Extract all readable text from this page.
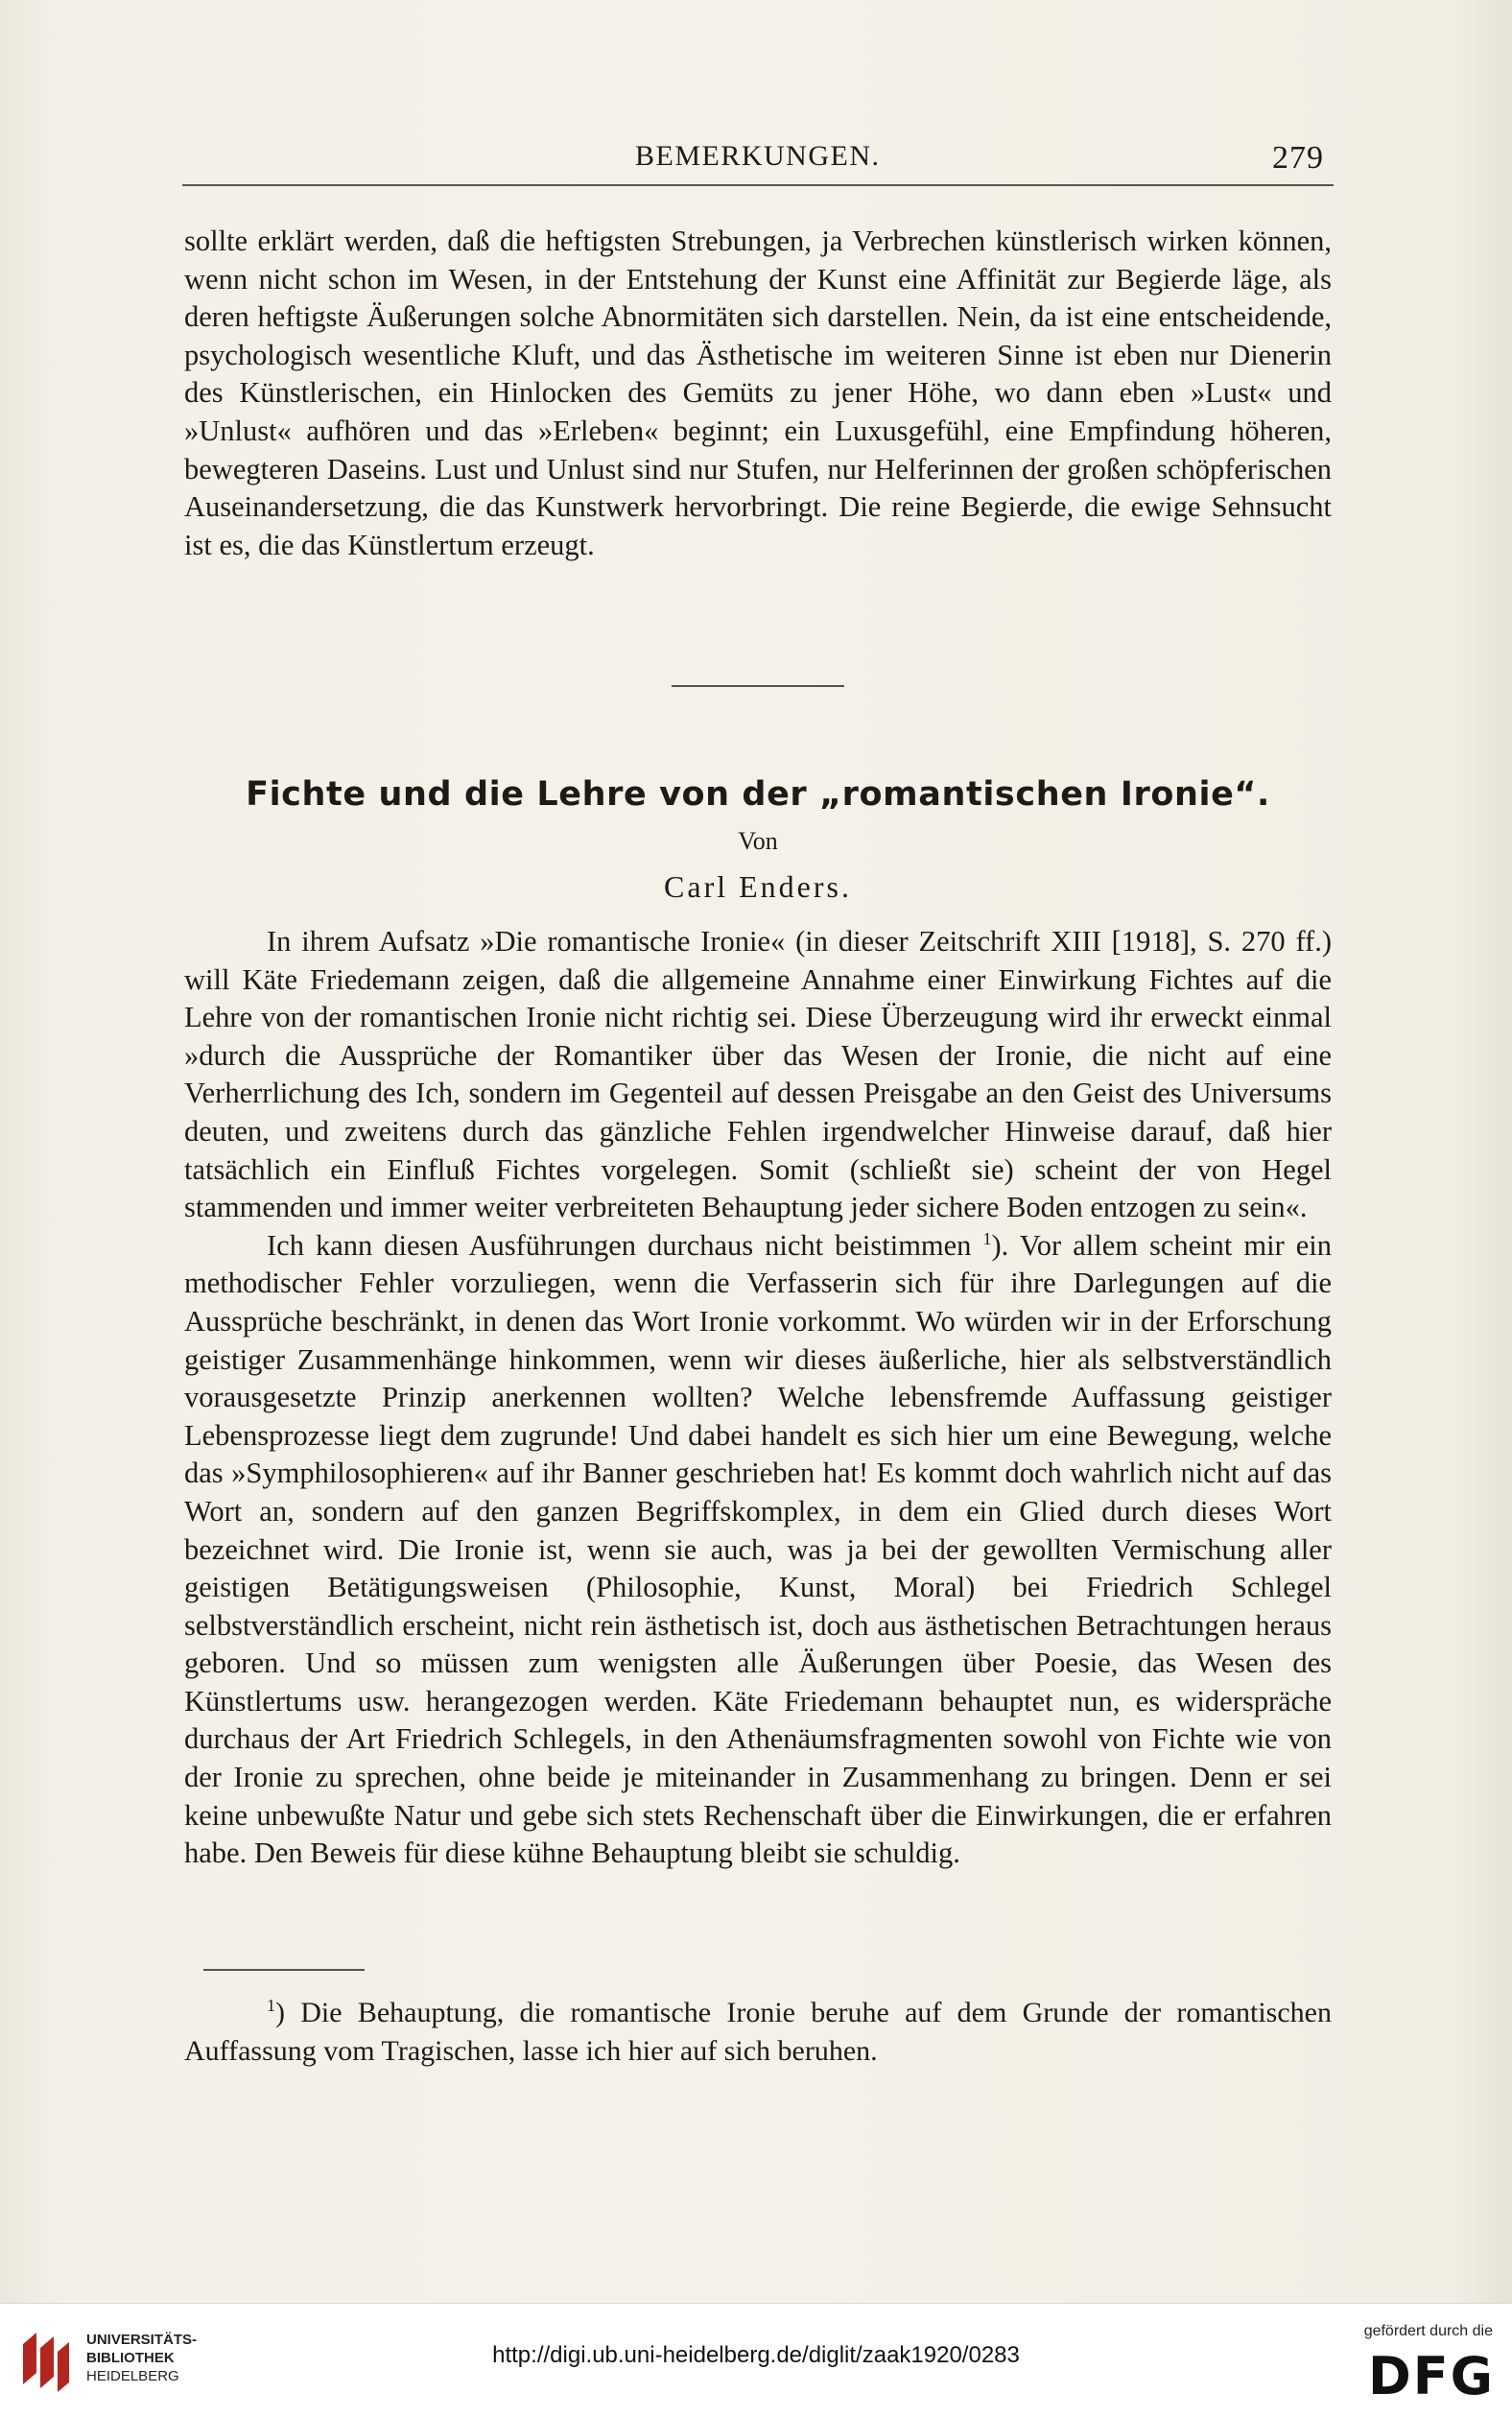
BEMERKUNGEN.	279

sollte erklärt werden, daß die heftigsten Strebungen, ja Verbrechen künstlerisch wirken können, wenn nicht schon im Wesen, in der Entstehung der Kunst eine Affinität zur Begierde läge, als deren heftigste Äußerungen solche Abnormitäten sich darstellen. Nein, da ist eine entscheidende, psychologisch wesentliche Kluft, und das Ästhetische im weiteren Sinne ist eben nur Dienerin des Künstlerischen, ein Hinlocken des Gemüts zu jener Höhe, wo dann eben »Lust« und »Unlust« aufhören und das »Erleben« beginnt; ein Luxusgefühl, eine Empfindung höheren, bewegteren Daseins. Lust und Unlust sind nur Stufen, nur Helferinnen der großen schöpferischen Auseinandersetzung, die das Kunstwerk hervorbringt. Die reine Begierde, die ewige Sehnsucht ist es, die das Künstlertum erzeugt.

Fichte und die Lehre von der „romantischen Ironie“.
Von
Carl Enders.

In ihrem Aufsatz »Die romantische Ironie« (in dieser Zeitschrift XIII [1918], S. 270 ff.) will Käte Friedemann zeigen, daß die allgemeine Annahme einer Einwirkung Fichtes auf die Lehre von der romantischen Ironie nicht richtig sei. Diese Überzeugung wird ihr erweckt einmal »durch die Aussprüche der Romantiker über das Wesen der Ironie, die nicht auf eine Verherrlichung des Ich, sondern im Gegenteil auf dessen Preisgabe an den Geist des Universums deuten, und zweitens durch das gänzliche Fehlen irgendwelcher Hinweise darauf, daß hier tatsächlich ein Einfluß Fichtes vorgelegen. Somit (schließt sie) scheint der von Hegel stammenden und immer weiter verbreiteten Behauptung jeder sichere Boden entzogen zu sein«.

Ich kann diesen Ausführungen durchaus nicht beistimmen $^1$). Vor allem scheint mir ein methodischer Fehler vorzuliegen, wenn die Verfasserin sich für ihre Darlegungen auf die Aussprüche beschränkt, in denen das Wort Ironie vorkommt. Wo würden wir in der Erforschung geistiger Zusammenhänge hinkommen, wenn wir dieses äußerliche, hier als selbstverständlich vorausgesetzte Prinzip anerkennen wollten? Welche lebensfremde Auffassung geistiger Lebensprozesse liegt dem zugrunde! Und dabei handelt es sich hier um eine Bewegung, welche das »Symphilosophieren« auf ihr Banner geschrieben hat! Es kommt doch wahrlich nicht auf das Wort an, sondern auf den ganzen Begriffskomplex, in dem ein Glied durch dieses Wort bezeichnet wird. Die Ironie ist, wenn sie auch, was ja bei der gewollten Vermischung aller geistigen Betätigungsweisen (Philosophie, Kunst, Moral) bei Friedrich Schlegel selbstverständlich erscheint, nicht rein ästhetisch ist, doch aus ästhetischen Betrachtungen heraus geboren. Und so müssen zum wenigsten alle Äußerungen über Poesie, das Wesen des Künstlertums usw. herangezogen werden. Käte Friedemann behauptet nun, es widerspräche durchaus der Art Friedrich Schlegels, in den Athenäumsfragmenten sowohl von Fichte wie von der Ironie zu sprechen, ohne beide je miteinander in Zusammenhang zu bringen. Denn er sei keine unbewußte Natur und gebe sich stets Rechenschaft über die Einwirkungen, die er erfahren habe. Den Beweis für diese kühne Behauptung bleibt sie schuldig.

$^1$) Die Behauptung, die romantische Ironie beruhe auf dem Grunde der romantischen Auffassung vom Tragischen, lasse ich hier auf sich beruhen.
UNIVERSITÄTS-
BIBLIOTHEK
HEIDELBERG
http://digi.ub.uni-heidelberg.de/diglit/zaak1920/0283
gefördert durch die
DFG
